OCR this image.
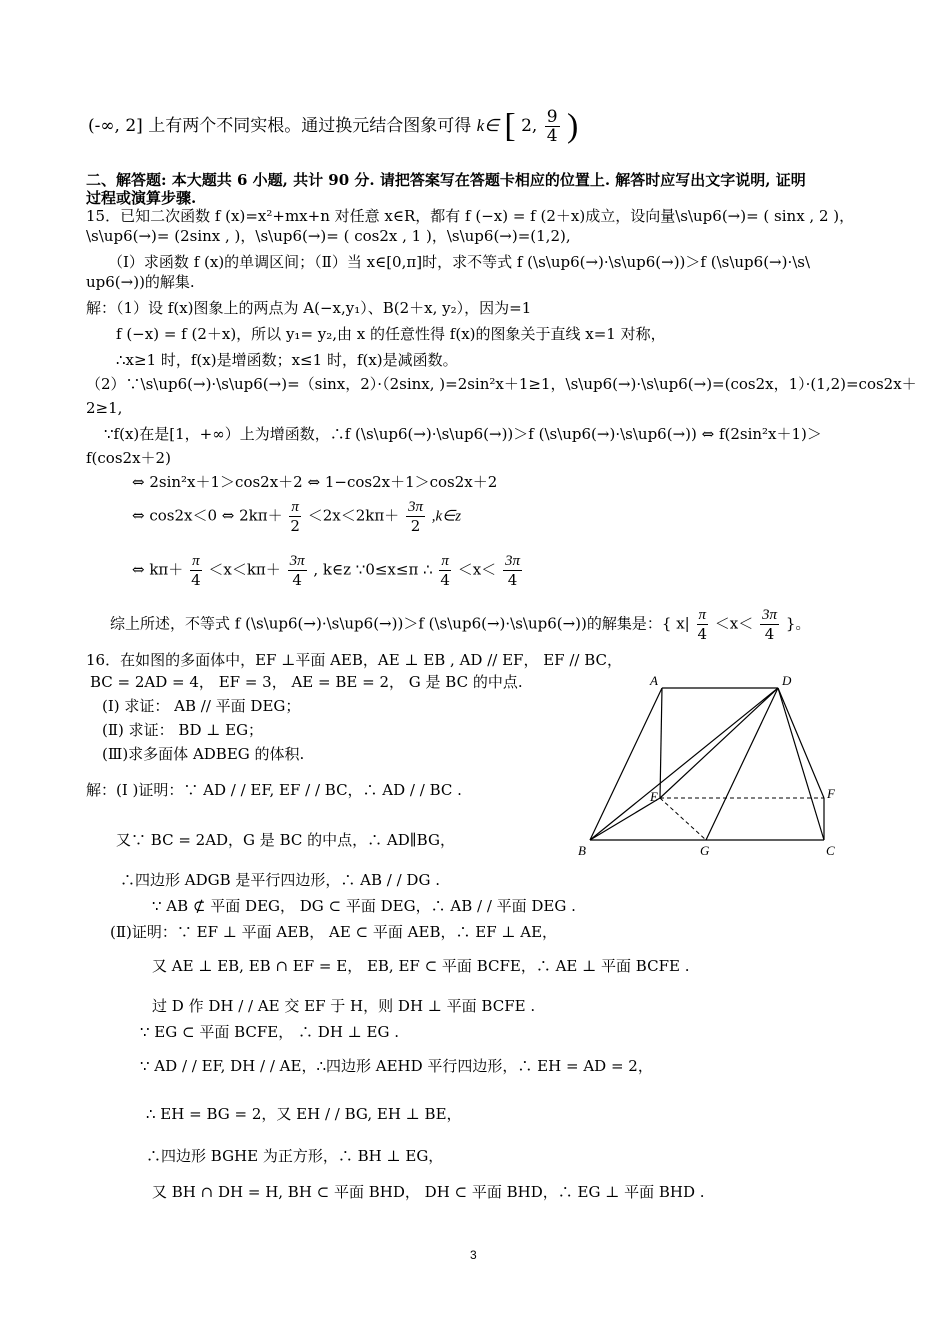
(-∞, 2] 上有两个不同实根。通过换元结合图象可得 k∈ [ 2, $\frac{9}{4}$ )
二、解答题: 本大题共 6 小题, 共计 90 分. 请把答案写在答题卡相应的位置上. 解答时应写出文字说明, 证明
过程或演算步骤.
15．已知二次函数 f (x)=x²+mx+n 对任意 x∈R，都有 f (−x) = f (2＋x)成立，设向量\s\up6(→)= ( sinx , 2 )，
\s\up6(→)= (2sinx , )，\s\up6(→)= ( cos2x , 1 )，\s\up6(→)=(1,2),
（Ⅰ）求函数 f (x)的单调区间；（Ⅱ）当 x∈[0,π]时，求不等式 f (\s\up6(→)·\s\up6(→))＞f (\s\up6(→)·\s\
up6(→))的解集.
解：（1）设 f(x)图象上的两点为 A(−x,y₁）、B(2＋x, y₂），因为=1
f (−x) = f (2＋x)，所以 y₁= y₂,由 x 的任意性得 f(x)的图象关于直线 x=1 对称，
∴x≥1 时，f(x)是增函数；x≤1 时，f(x)是减函数。
（2）∵\s\up6(→)·\s\up6(→)=（sinx，2）·（2sinx, )=2sin²x＋1≥1，\s\up6(→)·\s\up6(→)=(cos2x，1）·(1,2)=cos2x＋
2≥1,
∵f(x)在是[1，+∞）上为增函数，∴f (\s\up6(→)·\s\up6(→))＞f (\s\up6(→)·\s\up6(→)) ⇔ f(2sin²x＋1)＞
f(cos2x＋2)
⇔ 2sin²x＋1＞cos2x＋2 ⇔ 1−cos2x＋1＞cos2x＋2
⇔ cos2x＜0 ⇔ $2k\pi+ \frac{\pi}{2} <2x<2k\pi+ \frac{3\pi}{2}$ ,k∈z
⇔ $k\pi+ \frac{\pi}{4} <x<k\pi+ \frac{3\pi}{4}$ , k∈z ∵0≤x≤π ∴ $\frac{\pi}{4} <x< \frac{3\pi}{4}$
综上所述，不等式 f (\s\up6(→)·\s\up6(→))＞f (\s\up6(→)·\s\up6(→))的解集是：{ $x| \frac{\pi}{4} <x< \frac{3\pi}{4}$ }。
16．在如图的多面体中，EF ⊥平面 AEB，AE ⊥ EB , AD // EF， EF // BC，
BC = 2AD = 4， EF = 3， AE = BE = 2， G 是 BC 的中点.
(Ⅰ) 求证： AB // 平面 DEG；
(Ⅱ) 求证： BD ⊥ EG；
(Ⅲ)求多面体 ADBEG 的体积.
解：(Ⅰ )证明：∵ AD / / EF, EF / / BC，∴ AD / / BC .
又∵ BC = 2AD，G 是 BC 的中点，∴ AD∥BG，
∴四边形 ADGB 是平行四边形，∴ AB / / DG .
∵ AB ⊄ 平面 DEG， DG ⊂ 平面 DEG，∴ AB / / 平面 DEG .
(Ⅱ)证明：∵ EF ⊥ 平面 AEB， AE ⊂ 平面 AEB，∴ EF ⊥ AE，
又 AE ⊥ EB, EB ∩ EF = E， EB, EF ⊂ 平面 BCFE，∴ AE ⊥ 平面 BCFE .
过 D 作 DH / / AE 交 EF 于 H，则 DH ⊥ 平面 BCFE .
∵ EG ⊂ 平面 BCFE， ∴ DH ⊥ EG .
∵ AD / / EF, DH / / AE，∴四边形 AEHD 平行四边形，∴ EH = AD = 2，
∴ EH = BG = 2，又 EH / / BG, EH ⊥ BE，
∴四边形 BGHE 为正方形，∴ BH ⊥ EG，
又 BH ∩ DH = H, BH ⊂ 平面 BHD， DH ⊂ 平面 BHD，∴ EG ⊥ 平面 BHD .
A	D
E	F
B	G	C
3
